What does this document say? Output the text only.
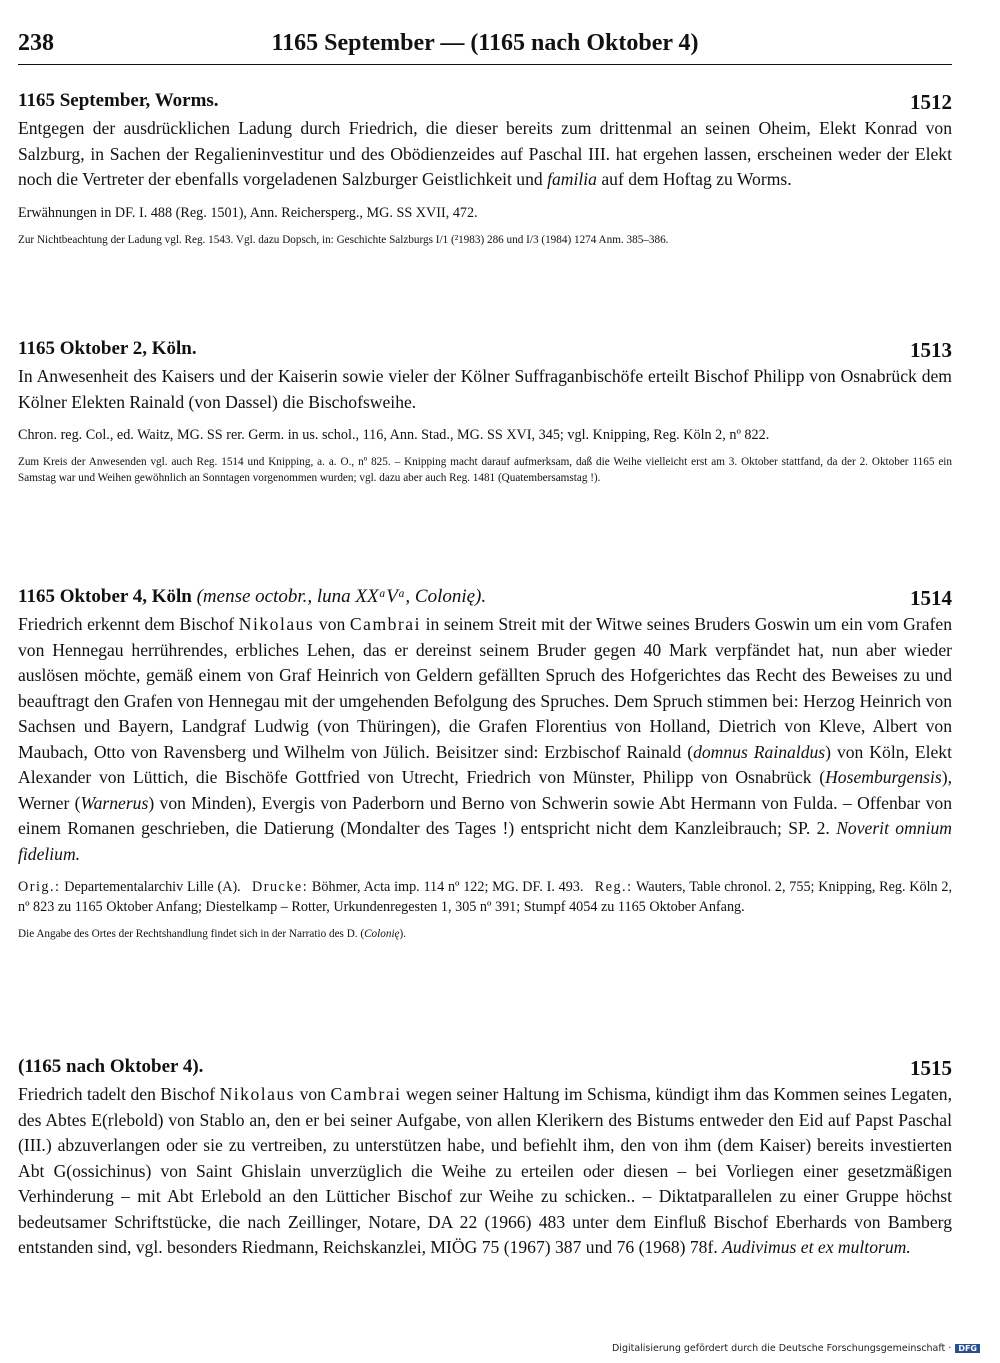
238	1165 September — (1165 nach Oktober 4)
1165 September, Worms.	1512

Entgegen der ausdrücklichen Ladung durch Friedrich, die dieser bereits zum drittenmal an seinen Oheim, Elekt Konrad von Salzburg, in Sachen der Regalieninvestitur und des Obödienzeides auf Paschal III. hat ergehen lassen, erscheinen weder der Elekt noch die Vertreter der ebenfalls vorgeladenen Salzburger Geistlichkeit und familia auf dem Hoftag zu Worms.

Erwähnungen in DF. I. 488 (Reg. 1501), Ann. Reichersperg., MG. SS XVII, 472.

Zur Nichtbeachtung der Ladung vgl. Reg. 1543. Vgl. dazu Dopsch, in: Geschichte Salzburgs I/1 (²1983) 286 und I/3 (1984) 1274 Anm. 385–386.

1165 Oktober 2, Köln.	1513

In Anwesenheit des Kaisers und der Kaiserin sowie vieler der Kölner Suffraganbischöfe erteilt Bischof Philipp von Osnabrück dem Kölner Elekten Rainald (von Dassel) die Bischofsweihe.

Chron. reg. Col., ed. Waitz, MG. SS rer. Germ. in us. schol., 116, Ann. Stad., MG. SS XVI, 345; vgl. Knipping, Reg. Köln 2, nº 822.

Zum Kreis der Anwesenden vgl. auch Reg. 1514 und Knipping, a. a. O., nº 825. – Knipping macht darauf aufmerksam, daß die Weihe vielleicht erst am 3. Oktober stattfand, da der 2. Oktober 1165 ein Samstag war und Weihen gewöhnlich an Sonntagen vorgenommen wurden; vgl. dazu aber auch Reg. 1481 (Quatembersamstag !).

1165 Oktober 4, Köln (mense octobr., luna XXᵃVᵃ, Colonię).	1514

Friedrich erkennt dem Bischof Nikolaus von Cambrai in seinem Streit mit der Witwe seines Bruders Goswin um ein vom Grafen von Hennegau herrührendes, erbliches Lehen, das er dereinst seinem Bruder gegen 40 Mark verpfändet hat, nun aber wieder auslösen möchte, gemäß einem von Graf Heinrich von Geldern gefällten Spruch des Hofgerichtes das Recht des Beweises zu und beauftragt den Grafen von Hennegau mit der umgehenden Befolgung des Spruches. Dem Spruch stimmen bei: Herzog Heinrich von Sachsen und Bayern, Landgraf Ludwig (von Thüringen), die Grafen Florentius von Holland, Dietrich von Kleve, Albert von Maubach, Otto von Ravensberg und Wilhelm von Jülich. Beisitzer sind: Erzbischof Rainald (domnus Rainaldus) von Köln, Elekt Alexander von Lüttich, die Bischöfe Gottfried von Utrecht, Friedrich von Münster, Philipp von Osnabrück (Hosemburgensis), Werner (Warnerus) von Minden), Evergis von Paderborn und Berno von Schwerin sowie Abt Hermann von Fulda. – Offenbar von einem Romanen geschrieben, die Datierung (Mondalter des Tages !) entspricht nicht dem Kanzleibrauch; SP. 2. Noverit omnium fidelium.

Orig.: Departementalarchiv Lille (A). Drucke: Böhmer, Acta imp. 114 nº 122; MG. DF. I. 493. Reg.: Wauters, Table chronol. 2, 755; Knipping, Reg. Köln 2, nº 823 zu 1165 Oktober Anfang; Diestelkamp – Rotter, Urkundenregesten 1, 305 nº 391; Stumpf 4054 zu 1165 Oktober Anfang.

Die Angabe des Ortes der Rechtshandlung findet sich in der Narratio des D. (Colonię).

(1165 nach Oktober 4).	1515

Friedrich tadelt den Bischof Nikolaus von Cambrai wegen seiner Haltung im Schisma, kündigt ihm das Kommen seines Legaten, des Abtes E(rlebold) von Stablo an, den er bei seiner Aufgabe, von allen Klerikern des Bistums entweder den Eid auf Papst Paschal (III.) abzuverlangen oder sie zu vertreiben, zu unterstützen habe, und befiehlt ihm, den von ihm (dem Kaiser) bereits investierten Abt G(ossichinus) von Saint Ghislain unverzüglich die Weihe zu erteilen oder diesen – bei Vorliegen einer gesetzmäßigen Verhinderung – mit Abt Erlebold an den Lütticher Bischof zur Weihe zu schicken.. – Diktatparallelen zu einer Gruppe höchst bedeutsamer Schriftstücke, die nach Zeillinger, Notare, DA 22 (1966) 483 unter dem Einfluß Bischof Eberhards von Bamberg entstanden sind, vgl. besonders Riedmann, Reichskanzlei, MIÖG 75 (1967) 387 und 76 (1968) 78f. Audivimus et ex multorum.

Digitalisierung gefördert durch die Deutsche Forschungsgemeinschaft · DFG
